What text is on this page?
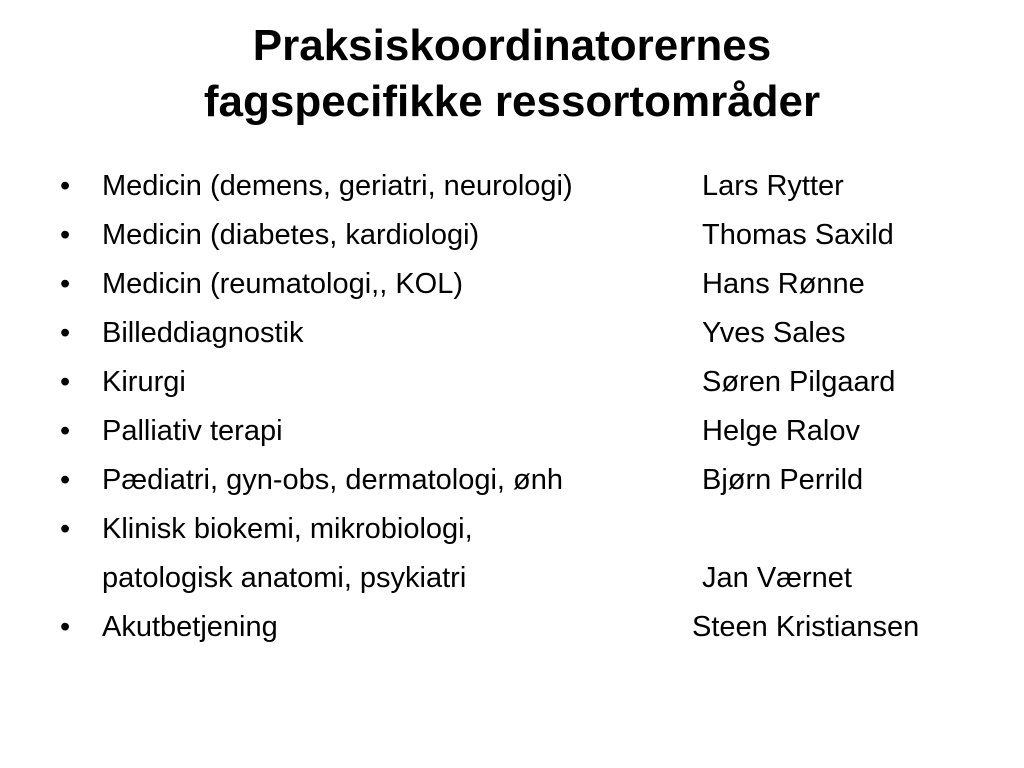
Praksiskoordinatorernes
fagspecifikke ressortområder
• Medicin (demens, geriatri, neurologi)	Lars Rytter
• Medicin (diabetes, kardiologi)	Thomas Saxild
• Medicin (reumatologi,, KOL)	Hans Rønne
• Billeddiagnostik	Yves Sales
• Kirurgi	Søren Pilgaard
• Palliativ terapi	Helge Ralov
• Pædiatri, gyn-obs, dermatologi, ønh	Bjørn Perrild
• Klinisk biokemi, mikrobiologi,
patologisk anatomi, psykiatri	Jan Værnet
• Akutbetjening	Steen Kristiansen
